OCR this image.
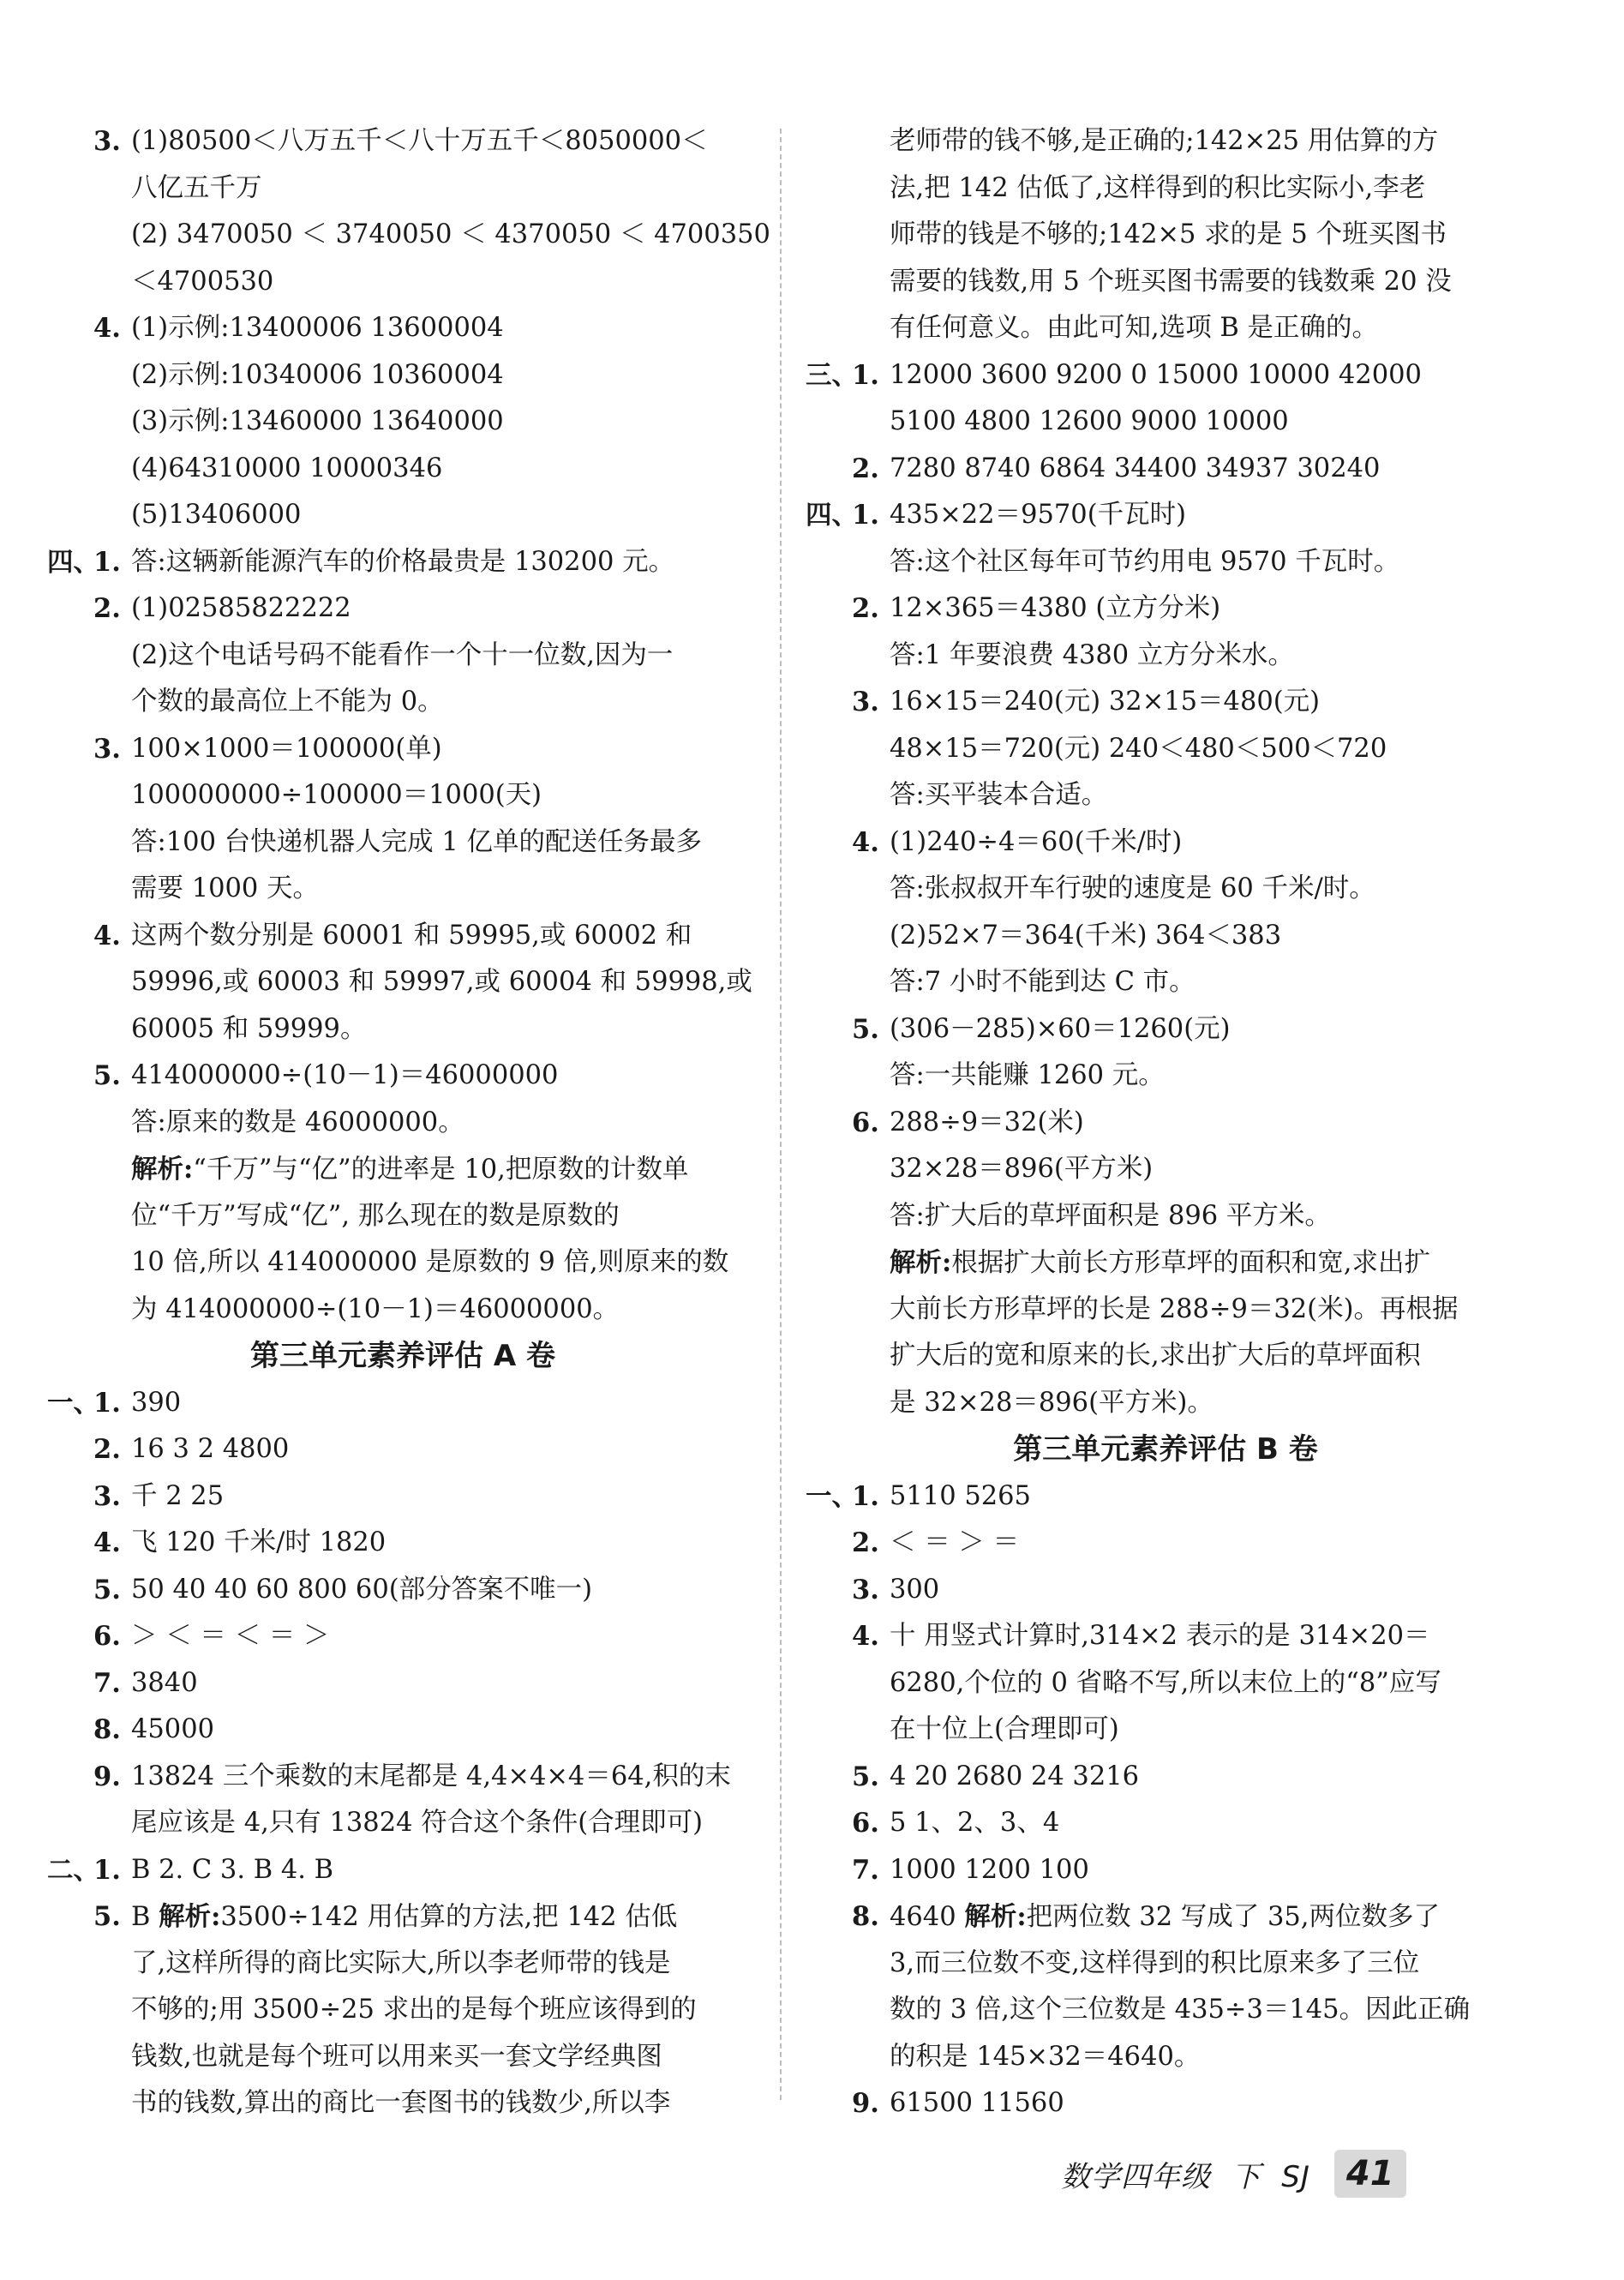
3. (1)80500＜八万五千＜八十万五千＜8050000＜
八亿五千万
(2) 3470050 ＜ 3740050 ＜ 4370050 ＜ 4700350
＜4700530
4. (1)示例:13400006 13600004
(2)示例:10340006 10360004
(3)示例:13460000 13640000
(4)64310000 10000346
(5)13406000
四、
1. 答:这辆新能源汽车的价格最贵是 130200 元。
2. (1)02585822222
(2)这个电话号码不能看作一个十一位数,因为一
个数的最高位上不能为 0。
3. 100×1000＝100000(单)
100000000÷100000＝1000(天)
答:100 台快递机器人完成 1 亿单的配送任务最多
需要 1000 天。
4. 这两个数分别是 60001 和 59995,或 60002 和
59996,或 60003 和 59997,或 60004 和 59998,或
60005 和 59999。
5. 414000000÷(10－1)＝46000000
答:原来的数是 46000000。
解析:“千万”与“亿”的进率是 10,把原数的计数单
位“千万”写成“亿”, 那么现在的数是原数的
10 倍,所以 414000000 是原数的 9 倍,则原来的数
为 414000000÷(10－1)＝46000000。
第三单元素养评估 A 卷
一、
1. 390
2. 16 3 2 4800
3. 千 2 25
4. 飞 120 千米/时 1820
5. 50 40 40 60 800 60(部分答案不唯一)
6. ＞ ＜ ＝ ＜ ＝ ＞
7. 3840
8. 45000
9. 13824 三个乘数的末尾都是 4,4×4×4＝64,积的末
尾应该是 4,只有 13824 符合这个条件(合理即可)
二、
1. B 2. C 3. B 4. B
5. B 解析:3500÷142 用估算的方法,把 142 估低
了,这样所得的商比实际大,所以李老师带的钱是
不够的;用 3500÷25 求出的是每个班应该得到的
钱数,也就是每个班可以用来买一套文学经典图
书的钱数,算出的商比一套图书的钱数少,所以李
老师带的钱不够,是正确的;142×25 用估算的方
法,把 142 估低了,这样得到的积比实际小,李老
师带的钱是不够的;142×5 求的是 5 个班买图书
需要的钱数,用 5 个班买图书需要的钱数乘 20 没
有任何意义。由此可知,选项 B 是正确的。
三、
1. 12000 3600 9200 0 15000 10000 42000
5100 4800 12600 9000 10000
2. 7280 8740 6864 34400 34937 30240
四、
1. 435×22＝9570(千瓦时)
答:这个社区每年可节约用电 9570 千瓦时。
2. 12×365＝4380 (立方分米)
答:1 年要浪费 4380 立方分米水。
3. 16×15＝240(元) 32×15＝480(元)
48×15＝720(元) 240＜480＜500＜720
答:买平装本合适。
4. (1)240÷4＝60(千米/时)
答:张叔叔开车行驶的速度是 60 千米/时。
(2)52×7＝364(千米) 364＜383
答:7 小时不能到达 C 市。
5. (306－285)×60＝1260(元)
答:一共能赚 1260 元。
6. 288÷9＝32(米)
32×28＝896(平方米)
答:扩大后的草坪面积是 896 平方米。
解析:根据扩大前长方形草坪的面积和宽,求出扩
大前长方形草坪的长是 288÷9＝32(米)。再根据
扩大后的宽和原来的长,求出扩大后的草坪面积
是 32×28＝896(平方米)。
第三单元素养评估 B 卷
一、
1. 5110 5265
2. ＜ ＝ ＞ ＝
3. 300
4. 十 用竖式计算时,314×2 表示的是 314×20＝
6280,个位的 0 省略不写,所以末位上的“8”应写
在十位上(合理即可)
5. 4 20 2680 24 3216
6. 5 1、2、3、4
7. 1000 1200 100
8. 4640 解析:把两位数 32 写成了 35,两位数多了
3,而三位数不变,这样得到的积比原来多了三位
数的 3 倍,这个三位数是 435÷3＝145。因此正确
的积是 145×32＝4640。
9. 61500 11560
数学四年级 下 SJ	41
